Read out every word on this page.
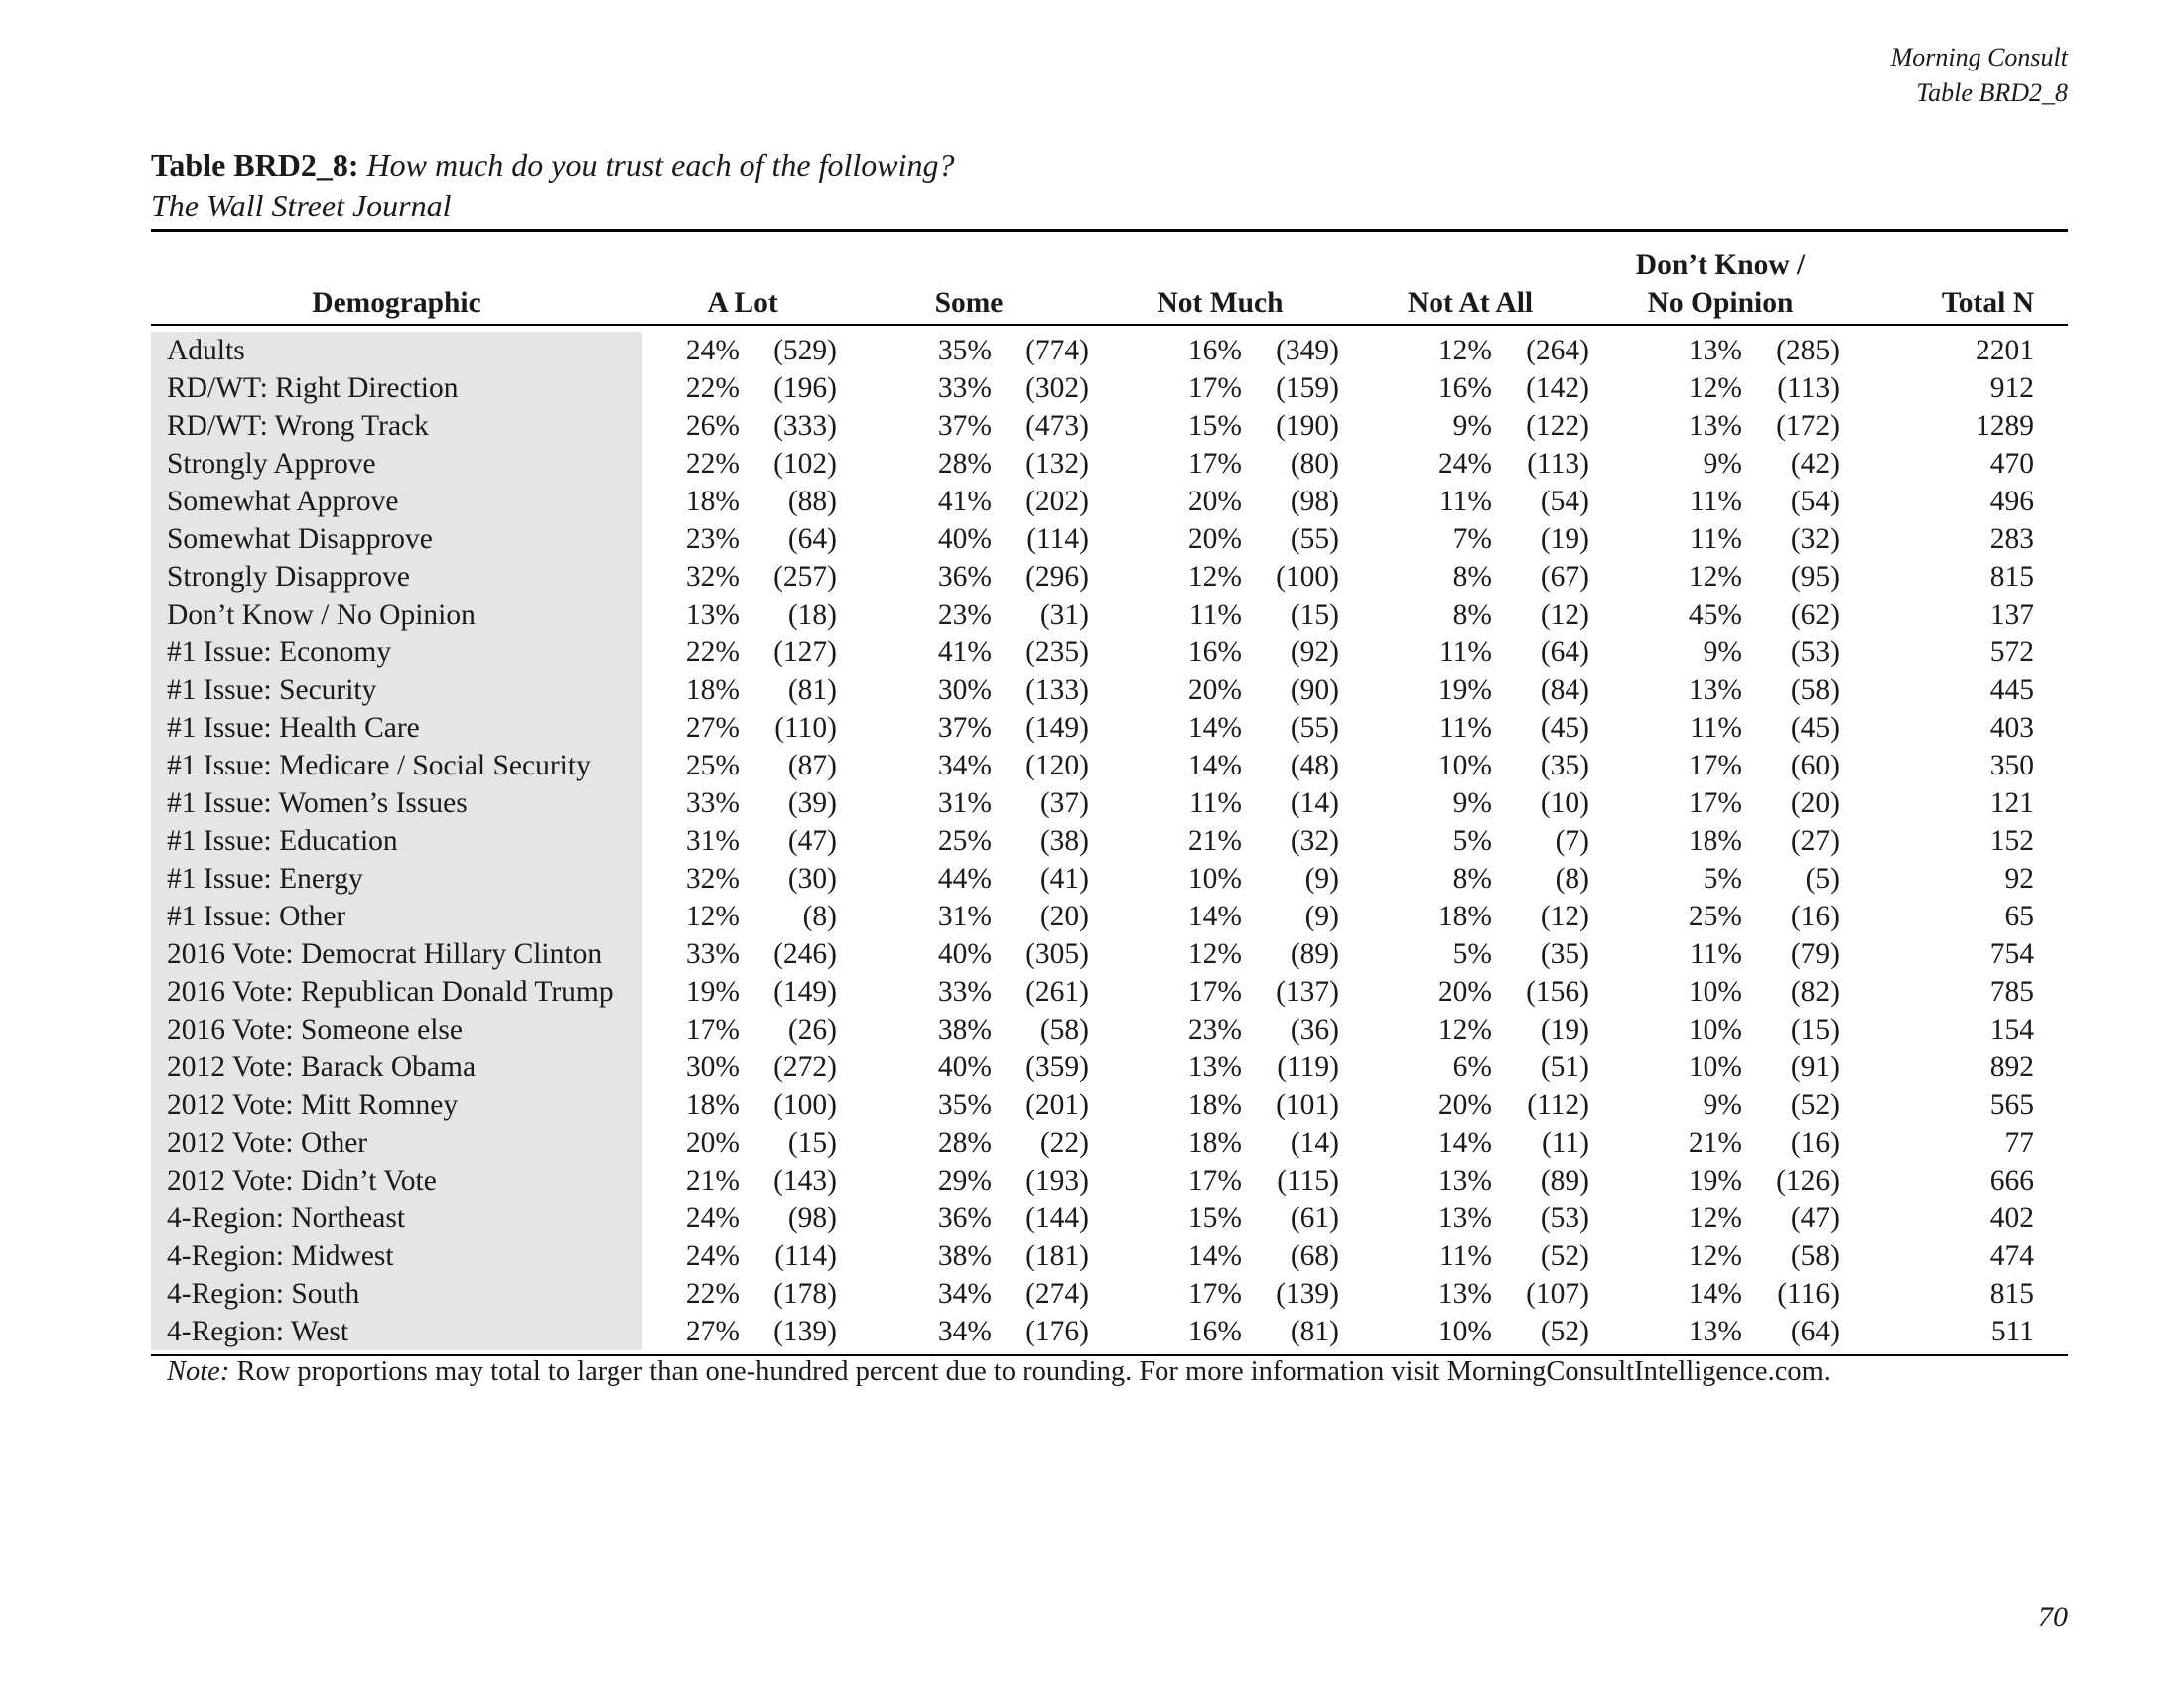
Morning Consult
Table BRD2_8
Table BRD2_8: How much do you trust each of the following?
The Wall Street Journal
Demographic	A Lot		Some		Not Much		Not At All		Don’t Know /
No Opinion		Total N

Adults	24%	(529)	35%	(774)	16%	(349)	12%	(264)	13%	(285)	2201
RD/WT: Right Direction	22%	(196)	33%	(302)	17%	(159)	16%	(142)	12%	(113)	912
RD/WT: Wrong Track	26%	(333)	37%	(473)	15%	(190)	9%	(122)	13%	(172)	1289
Strongly Approve	22%	(102)	28%	(132)	17%	(80)	24%	(113)	9%	(42)	470
Somewhat Approve	18%	(88)	41%	(202)	20%	(98)	11%	(54)	11%	(54)	496
Somewhat Disapprove	23%	(64)	40%	(114)	20%	(55)	7%	(19)	11%	(32)	283
Strongly Disapprove	32%	(257)	36%	(296)	12%	(100)	8%	(67)	12%	(95)	815
Don’t Know / No Opinion	13%	(18)	23%	(31)	11%	(15)	8%	(12)	45%	(62)	137
#1 Issue: Economy	22%	(127)	41%	(235)	16%	(92)	11%	(64)	9%	(53)	572
#1 Issue: Security	18%	(81)	30%	(133)	20%	(90)	19%	(84)	13%	(58)	445
#1 Issue: Health Care	27%	(110)	37%	(149)	14%	(55)	11%	(45)	11%	(45)	403
#1 Issue: Medicare / Social Security	25%	(87)	34%	(120)	14%	(48)	10%	(35)	17%	(60)	350
#1 Issue: Women’s Issues	33%	(39)	31%	(37)	11%	(14)	9%	(10)	17%	(20)	121
#1 Issue: Education	31%	(47)	25%	(38)	21%	(32)	5%	(7)	18%	(27)	152
#1 Issue: Energy	32%	(30)	44%	(41)	10%	(9)	8%	(8)	5%	(5)	92
#1 Issue: Other	12%	(8)	31%	(20)	14%	(9)	18%	(12)	25%	(16)	65
2016 Vote: Democrat Hillary Clinton	33%	(246)	40%	(305)	12%	(89)	5%	(35)	11%	(79)	754
2016 Vote: Republican Donald Trump	19%	(149)	33%	(261)	17%	(137)	20%	(156)	10%	(82)	785
2016 Vote: Someone else	17%	(26)	38%	(58)	23%	(36)	12%	(19)	10%	(15)	154
2012 Vote: Barack Obama	30%	(272)	40%	(359)	13%	(119)	6%	(51)	10%	(91)	892
2012 Vote: Mitt Romney	18%	(100)	35%	(201)	18%	(101)	20%	(112)	9%	(52)	565
2012 Vote: Other	20%	(15)	28%	(22)	18%	(14)	14%	(11)	21%	(16)	77
2012 Vote: Didn’t Vote	21%	(143)	29%	(193)	17%	(115)	13%	(89)	19%	(126)	666
4-Region: Northeast	24%	(98)	36%	(144)	15%	(61)	13%	(53)	12%	(47)	402
4-Region: Midwest	24%	(114)	38%	(181)	14%	(68)	11%	(52)	12%	(58)	474
4-Region: South	22%	(178)	34%	(274)	17%	(139)	13%	(107)	14%	(116)	815
4-Region: West	27%	(139)	34%	(176)	16%	(81)	10%	(52)	13%	(64)	511
Note: Row proportions may total to larger than one-hundred percent due to rounding. For more information visit MorningConsultIntelligence.com.
70
